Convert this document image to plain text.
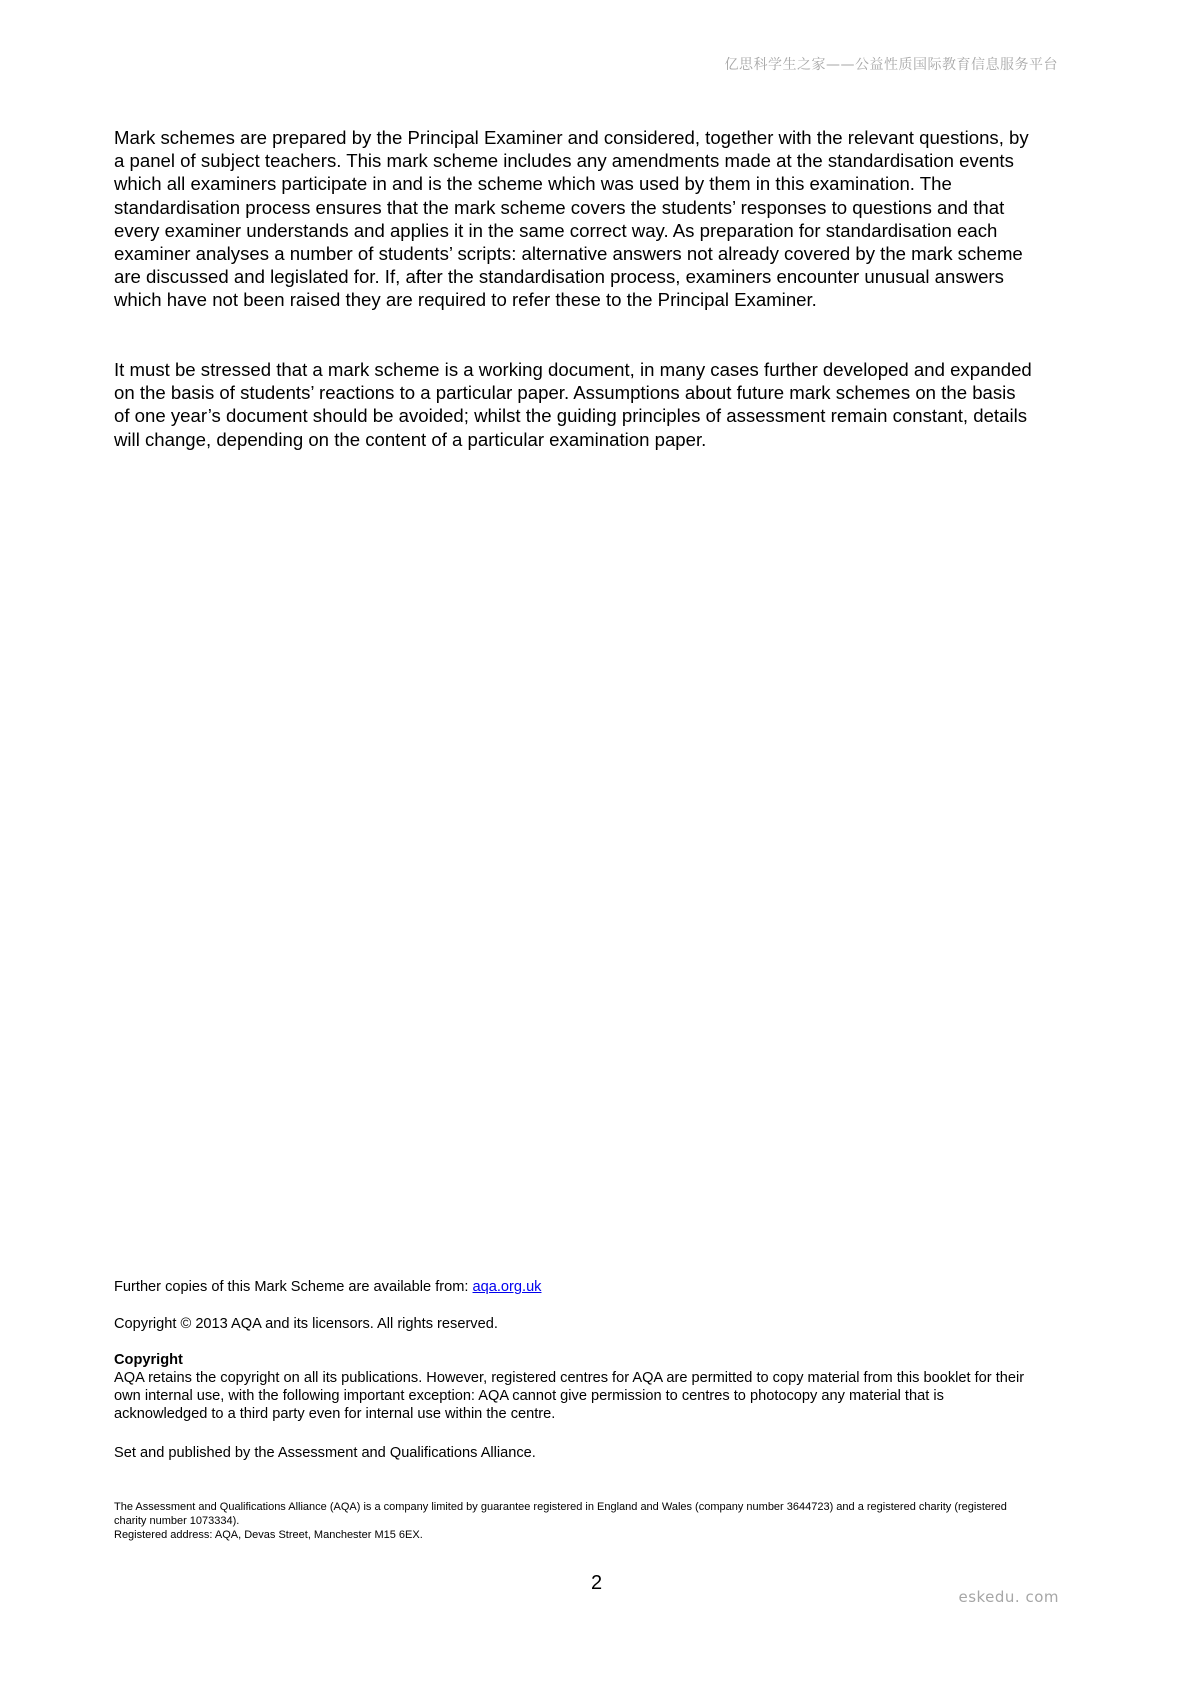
亿思科学生之家——公益性质国际教育信息服务平台

Mark schemes are prepared by the Principal Examiner and considered, together with the relevant questions, by a panel of subject teachers. This mark scheme includes any amendments made at the standardisation events which all examiners participate in and is the scheme which was used by them in this examination. The standardisation process ensures that the mark scheme covers the students’ responses to questions and that every examiner understands and applies it in the same correct way. As preparation for standardisation each examiner analyses a number of students’ scripts: alternative answers not already covered by the mark scheme are discussed and legislated for. If, after the standardisation process, examiners encounter unusual answers which have not been raised they are required to refer these to the Principal Examiner.

It must be stressed that a mark scheme is a working document, in many cases further developed and expanded on the basis of students’ reactions to a particular paper. Assumptions about future mark schemes on the basis of one year’s document should be avoided; whilst the guiding principles of assessment remain constant, details will change, depending on the content of a particular examination paper.

Further copies of this Mark Scheme are available from: aqa.org.uk
Copyright © 2013 AQA and its licensors. All rights reserved.

Copyright

AQA retains the copyright on all its publications. However, registered centres for AQA are permitted to copy material from this booklet for their own internal use, with the following important exception: AQA cannot give permission to centres to photocopy any material that is acknowledged to a third party even for internal use within the centre.

Set and published by the Assessment and Qualifications Alliance.

The Assessment and Qualifications Alliance (AQA) is a company limited by guarantee registered in England and Wales (company number 3644723) and a registered charity (registered charity number 1073334).

Registered address: AQA, Devas Street, Manchester M15 6EX.

2
eskedu. com
